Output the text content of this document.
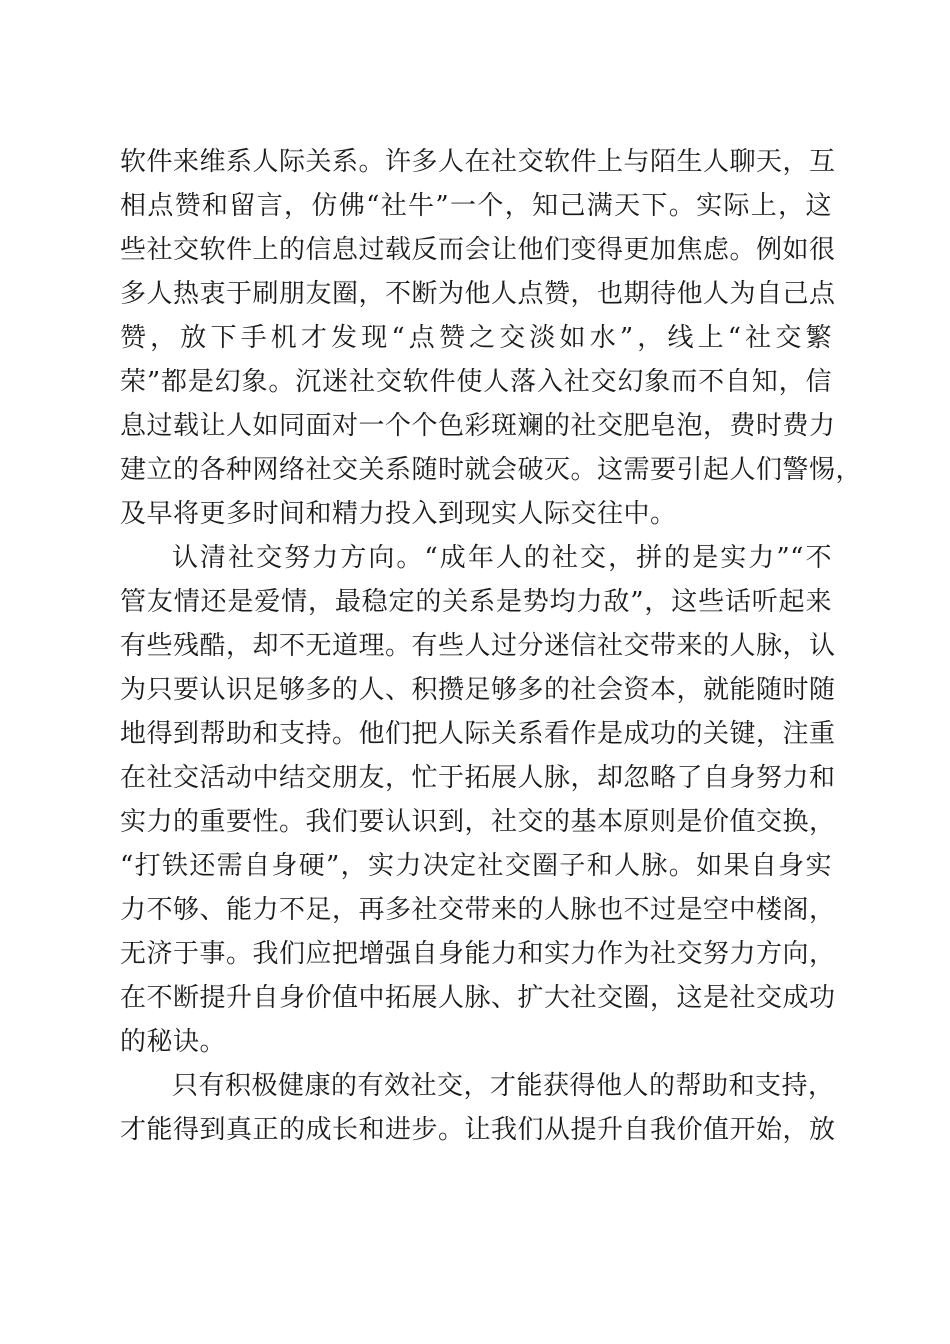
软件来维系人际关系。许多人在社交软件上与陌生人聊天，互
相点赞和留言，仿佛“社牛”一个，知己满天下。实际上，这
些社交软件上的信息过载反而会让他们变得更加焦虑。例如很
多人热衷于刷朋友圈，不断为他人点赞，也期待他人为自己点
赞，放下手机才发现“点赞之交淡如水”，线上“社交繁
荣”都是幻象。沉迷社交软件使人落入社交幻象而不自知，信
息过载让人如同面对一个个色彩斑斓的社交肥皂泡，费时费力
建立的各种网络社交关系随时就会破灭。这需要引起人们警惕，
及早将更多时间和精力投入到现实人际交往中。
认清社交努力方向。“成年人的社交，拼的是实力”“不
管友情还是爱情，最稳定的关系是势均力敌”，这些话听起来
有些残酷，却不无道理。有些人过分迷信社交带来的人脉，认
为只要认识足够多的人、积攒足够多的社会资本，就能随时随
地得到帮助和支持。他们把人际关系看作是成功的关键，注重
在社交活动中结交朋友，忙于拓展人脉，却忽略了自身努力和
实力的重要性。我们要认识到，社交的基本原则是价值交换，
“打铁还需自身硬”，实力决定社交圈子和人脉。如果自身实
力不够、能力不足，再多社交带来的人脉也不过是空中楼阁，
无济于事。我们应把增强自身能力和实力作为社交努力方向，
在不断提升自身价值中拓展人脉、扩大社交圈，这是社交成功
的秘诀。
只有积极健康的有效社交，才能获得他人的帮助和支持，
才能得到真正的成长和进步。让我们从提升自我价值开始，放
